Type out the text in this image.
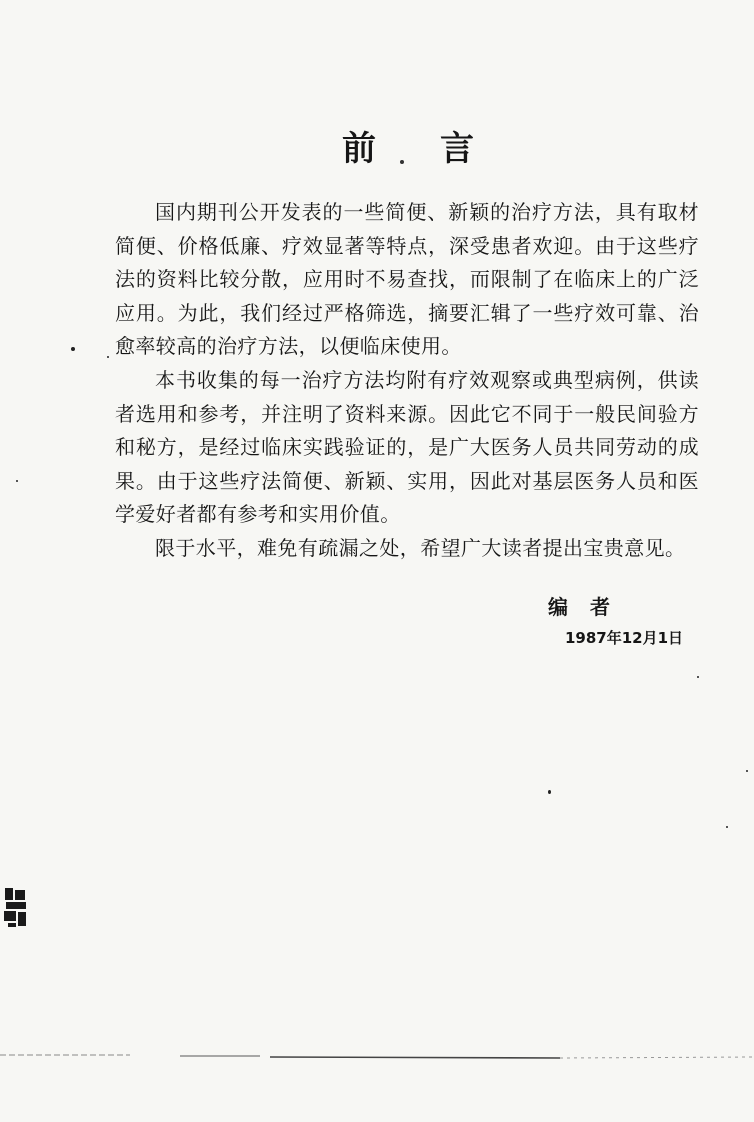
前 言

国内期刊公开发表的一些简便、新颖的治疗方法，具有取材简便、价格低廉、疗效显著等特点，深受患者欢迎。由于这些疗法的资料比较分散，应用时不易查找，而限制了在临床上的广泛应用。为此，我们经过严格筛选，摘要汇辑了一些疗效可靠、治愈率较高的治疗方法，以便临床使用。

本书收集的每一治疗方法均附有疗效观察或典型病例，供读者选用和参考，并注明了资料来源。因此它不同于一般民间验方和秘方，是经过临床实践验证的，是广大医务人员共同劳动的成果。由于这些疗法简便、新颖、实用，因此对基层医务人员和医学爱好者都有参考和实用价值。

限于水平，难免有疏漏之处，希望广大读者提出宝贵意见。

编者
1987年12月1日
